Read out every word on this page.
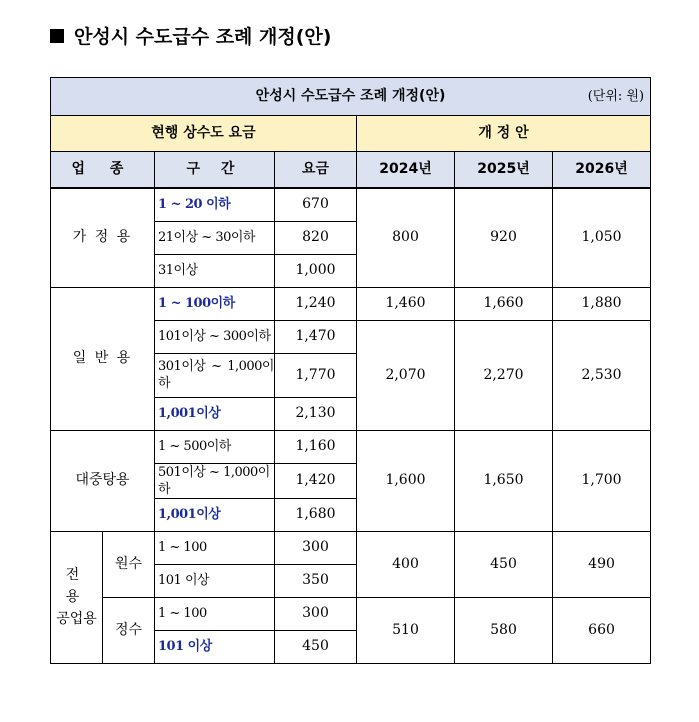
안성시 수도급수 조례 개정(안)
안성시 수도급수 조례 개정(안) (단위: 원)						

현행 상수도 요금				개 정 안		
업 종		구 간	요금	2024년	2025년	2026년
가 정 용		1 ~ 20 이하	670	800	920	1,050
		21이상 ~ 30이하	820			
		31이상	1,000			
일 반 용		1 ~ 100이하	1,240	1,460	1,660	1,880
		101이상 ~ 300이하	1,470	2,070	2,270	2,530
		301이상 ~ 1,000이하	1,770			
		1,001이상	2,130			
대중탕용		1 ~ 500이하	1,160	1,600	1,650	1,700
		501이상 ~ 1,000이하	1,420			
		1,001이상	1,680			

전 용
공업용	원수	1 ~ 100	300	400	450	490
		101 이상	350			
	정수	1 ~ 100	300	510	580	660
		101 이상	450			
